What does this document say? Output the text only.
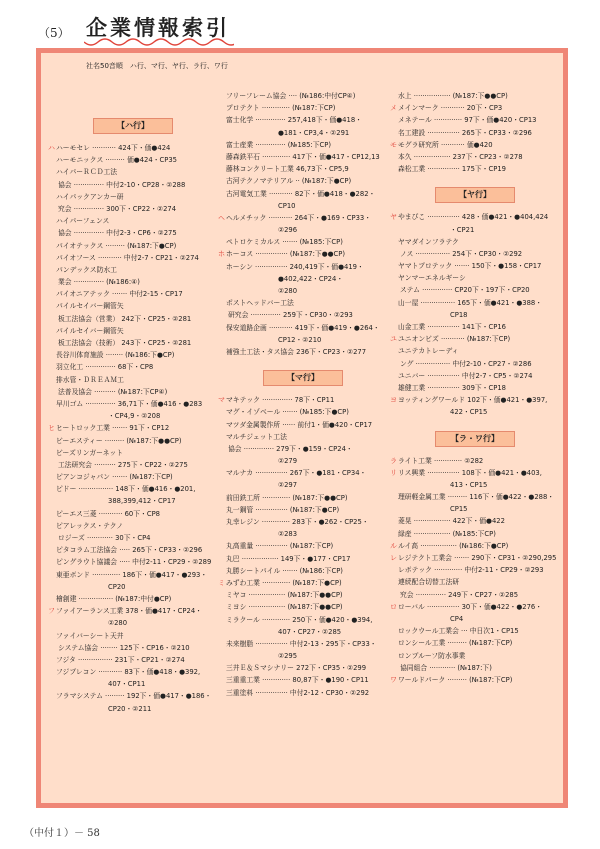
（5） 企業情報索引
社名50音順　ハ行、マ行、ヤ行、ラ行、ワ行
【ハ行】
ハ ハーモセレ ··········· 424下・価●424
ハーモニックス ········· 価●424・CP35
ハイパーＲＣＤ工法
協会 ·············· 中付2-10・CP28・②288
ハイパックアンカー研
究会 ·············· 300下・CP22・②274
ハイパーフェンス
協会 ·············· 中付2-3・CP6・②275
パイオテックス ········· (№187:下●CP)
パイオフース ··········· 中付2-7・CP21・②274
パンデックス防水工
業会 ·············· (№186:④)
パイオニアテック ······· 中付2-15・CP17
パイルセイバー鋼管矢
板工法協会（営業） 242下・CP25・②281
パイルセイバー鋼管矢
板工法協会（技術） 243下・CP25・②281
長谷川体育施設 ········ (№186:下●CP)
羽立化工 ·············· 68下・CP8
排水管・ＤＲＥＡＭ工
法普及協会 ·········· (№187:下CP④)
早川ゴム ·············· 36,71下・価●416・●283
・CP4,9・②208
ヒ ヒートロック工業 ······· 91下・CP12
ビーエスティー ········· (№187:下●●CP)
ビーズリンガーネット
工法研究会 ·········· 275下・CP22・②275
ピアンコジャパン ······· (№187:下CP)
ピドー ················ 148下・価●416・●201,
388,399,412・CP17
ピーエス三菱 ··········· 60下・CP8
ピアレックス・テクノ
ロジーズ ············ 30下・CP4
ピタコラム工法協会 ····· 265下・CP33・②296
ピングラウト協議会 ····· 中付2-11・CP29・②289
東亜ボンド ············· 186下・価●417・●293・
CP20
檜創建 ················ (№187:中付●CP)
フ ファイアーランス工業 378・価●417・CP24・
②280
ファイバーシート天井
システム協会 ········ 125下・CP16・②210
フジタ ················ 231下・CP21・②274
フジプレコン ··········· 83下・価●418・●392,
407・CP11
フラマシステム ········· 192下・価●417・●186・
CP20・②211
フリーフレーム協会 ···· (№186:中付CP④)
プロテクト ············· (№187:下CP)
富士化学 ·············· 257,418下・価●418・
●181・CP3,4・②291
富士産業 ·············· (№185:下CP)
藤森鉄平石 ············· 417下・価●417・CP12,13
藤林コンクリート工業 46,73下・CP5,9
古河テクノマテリアル ·· (№187:下●CP)
古河電気工業 ··········· 82下・価●418・●282・
CP10
ヘ ヘルメチック ··········· 264下・●169・CP33・
②296
ペトロケミカルス ······· (№185:下CP)
ホ ホーコス ··············· (№187:下●●CP)
ホーシン ··············· 240,419下・価●419・
●402,422・CP24・
②280
ポストヘッドバー工法
研究会 ·············· 259下・CP30・②293
保安道路企画 ··········· 419下・価●419・●264・
CP12・②210
補強土工法・タス協会 236下・CP23・②277
【マ行】
マ マキテック ·············· 78下・CP11
マグ・イゾベール ······· (№185:下●CP)
マツダ金属製作所 ······ 前付1・価●420・CP17
マルチジェット工法
協会 ·············· 279下・●159・CP24・
②279
マルナカ ··············· 267下・●181・CP34・
②297
前田鉄工所 ············· (№187:下●●CP)
丸一鋼管 ··············· (№187:下●CP)
丸幸レジン ············· 283下・●262・CP25・
②283
丸高重量 ··············· (№187:下CP)
丸巴 ················· 149下・●177・CP17
丸勝シートパイル ······· (№186:下CP)
ミ みずわ工業 ············· (№187:下●CP)
ミヤコ ················· (№187:下●●CP)
ミヨシ ················· (№187:下●●CP)
ミラクール ············· 250下・価●420・●394,
407・CP27・②285
未来樹脂 ··············· 中付2-13・295下・CP33・
②295
三井Ｅ＆Ｓマシナリー 272下・CP35・②299
三重重工業 ············· 80,87下・●190・CP11
三重塗料 ··············· 中付2-12・CP30・②292
水上 ················· (№187:下●●CP)
メ メインマーク ··········· 20下・CP3
メネテール ············· 97下・価●420・CP13
名工建設 ··············· 265下・CP33・②296
モ モグラ研究所 ··········· 価●420
本久 ················· 237下・CP23・②278
森松工業 ··············· 175下・CP19
【ヤ行】
ヤ やまびこ ··············· 428・価●421・●404,424
・CP21
ヤマダインフラテク
ノス ················ 254下・CP30・②292
ヤマトプロテック ······· 150下・●158・CP17
ヤンマーエネルギーシ
ステム ·············· CP20下・197下・CP20
山一屋 ················ 165下・価●421・●388・
CP18
山金工業 ··············· 141下・CP16
ユ ユニオンビズ ··········· (№187:下CP)
ユニテカトレーディ
ング ················ 中付2-10・CP27・②286
ユニバー ··············· 中付2-7・CP5・②274
雄健工業 ··············· 309下・CP18
ヨ ヨッティングワールド 102下・価●421・●397,
422・CP15
【ラ・ワ行】
ラ ライト工業 ············· ②282
リ リス興業 ··············· 108下・価●421・●403,
413・CP15
理研軽金属工業 ········· 116下・価●422・●288・
CP15
菱晃 ················· 422下・価●422
緑産 ················· (№185:下CP)
ル ルイ高 ················· (№186:下●CP)
レ レジテクト工業会 ······· 290下・CP31・②290,295
レボテック ············· 中付2-11・CP29・②293
連続配合切替工法研
究会 ·············· 249下・CP27・②285
ロ ローバル ··············· 30下・価●422・●276・
CP4
ロックウール工業会 ··· 中日次1・CP15
ロンシール工業 ········· (№187:下CP)
ロンプルーフ防水事業
協同組合 ············ (№187:下)
ワ ワールドパーク ········· (№187:下CP)
（中付１）－ 58
